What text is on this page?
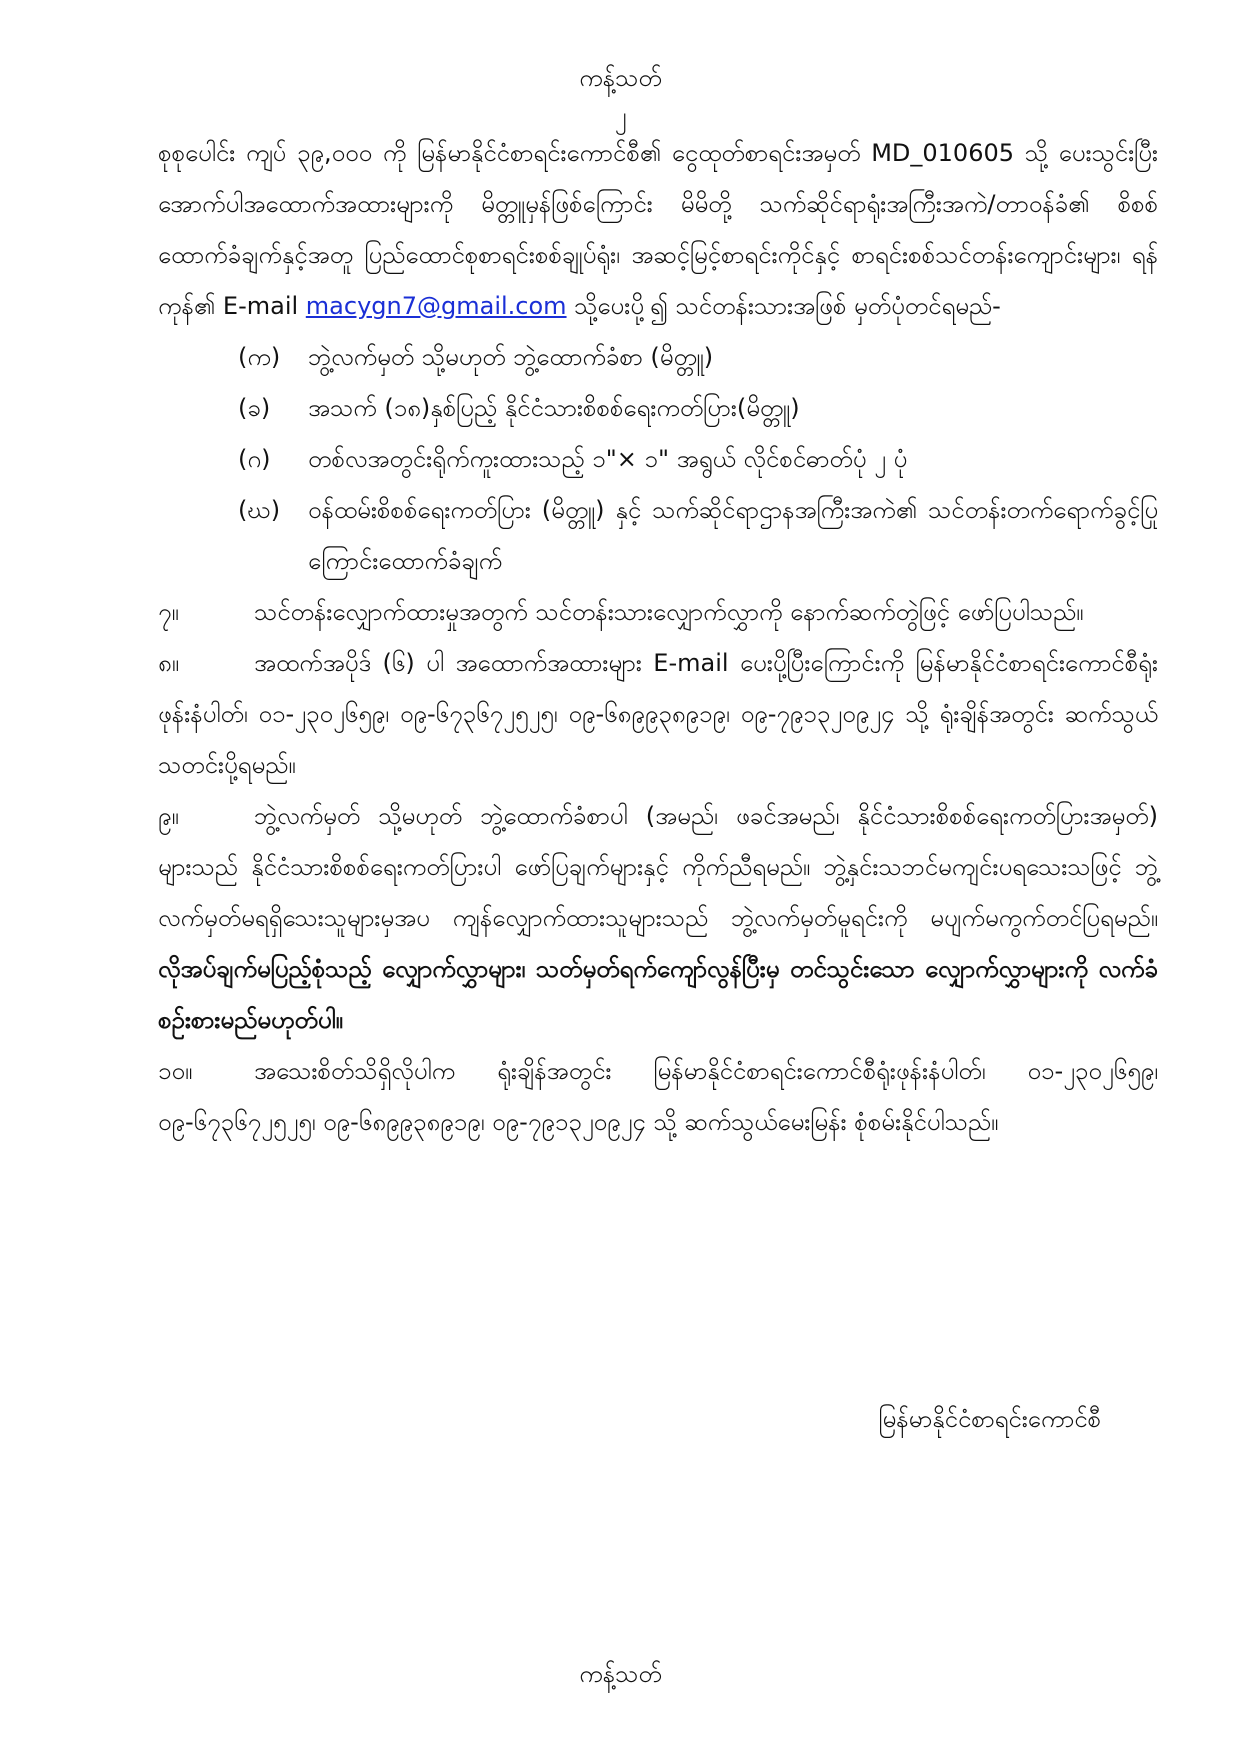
ကန့်သတ်
၂

စုစုပေါင်း ကျပ် ၃၉,၀၀၀ ကို မြန်မာနိုင်ငံစာရင်းကောင်စီ၏ ငွေထုတ်စာရင်းအမှတ် MD_010605 သို့ ပေးသွင်းပြီး အောက်ပါအထောက်အထားများကို မိတ္တူမှန်ဖြစ်ကြောင်း မိမိတို့ သက်ဆိုင်ရာရုံးအကြီးအကဲ/တာဝန်ခံ၏ စိစစ်ထောက်ခံချက်နှင့်အတူ ပြည်ထောင်စုစာရင်းစစ်ချုပ်ရုံး၊ အဆင့်မြင့်စာရင်းကိုင်နှင့် စာရင်းစစ်သင်တန်းကျောင်းများ၊ ရန်ကုန်၏ E-mail macygn7@gmail.com သို့ပေးပို့၍ သင်တန်းသားအဖြစ် မှတ်ပုံတင်ရမည်-

(က)	ဘွဲ့လက်မှတ် သို့မဟုတ် ဘွဲ့ထောက်ခံစာ (မိတ္တူ)
(ခ)	အသက် (၁၈)နှစ်ပြည့် နိုင်ငံသားစိစစ်ရေးကတ်ပြား(မိတ္တူ)
(ဂ)	တစ်လအတွင်းရိုက်ကူးထားသည့် ၁"× ၁" အရွယ် လိုင်စင်ဓာတ်ပုံ ၂ ပုံ
(ဃ)	ဝန်ထမ်းစိစစ်ရေးကတ်ပြား (မိတ္တူ) နှင့် သက်ဆိုင်ရာဌာနအကြီးအကဲ၏ သင်တန်းတက်ရောက်ခွင့်ပြုကြောင်းထောက်ခံချက်

၇။	သင်တန်းလျှောက်ထားမှုအတွက် သင်တန်းသားလျှောက်လွှာကို နောက်ဆက်တွဲဖြင့် ဖော်ပြပါသည်။

၈။	အထက်အပိုဒ် (၆) ပါ အထောက်အထားများ E-mail ပေးပို့ပြီးကြောင်းကို မြန်မာနိုင်ငံစာရင်းကောင်စီရုံး ဖုန်းနံပါတ်၊ ၀၁-၂၃၀၂၆၅၉၊ ၀၉-၆၇၃၆၇၂၅၂၅၊ ၀၉-၆၈၉၉၃၈၉၁၉၊ ၀၉-၇၉၁၃၂၀၉၂၄ သို့ ရုံးချိန်အတွင်း ဆက်သွယ်သတင်းပို့ရမည်။

၉။	ဘွဲ့လက်မှတ် သို့မဟုတ် ဘွဲ့ထောက်ခံစာပါ (အမည်၊ ဖခင်အမည်၊ နိုင်ငံသားစိစစ်ရေးကတ်ပြားအမှတ်) များသည် နိုင်ငံသားစိစစ်ရေးကတ်ပြားပါ ဖော်ပြချက်များနှင့် ကိုက်ညီရမည်။ ဘွဲ့နှင်းသဘင်မကျင်းပရသေးသဖြင့် ဘွဲ့လက်မှတ်မရရှိသေးသူများမှအပ ကျန်လျှောက်ထားသူများသည် ဘွဲ့လက်မှတ်မူရင်းကို မပျက်မကွက်တင်ပြရမည်။ လိုအပ်ချက်မပြည့်စုံသည့် လျှောက်လွှာများ၊ သတ်မှတ်ရက်ကျော်လွန်ပြီးမှ တင်သွင်းသော လျှောက်လွှာများကို လက်ခံစဉ်းစားမည်မဟုတ်ပါ။

၁၀။	အသေးစိတ်သိရှိလိုပါက ရုံးချိန်အတွင်း မြန်မာနိုင်ငံစာရင်းကောင်စီရုံးဖုန်းနံပါတ်၊ ၀၁-၂၃၀၂၆၅၉၊ ၀၉-၆၇၃၆၇၂၅၂၅၊ ၀၉-၆၈၉၉၃၈၉၁၉၊ ၀၉-၇၉၁၃၂၀၉၂၄ သို့ ဆက်သွယ်မေးမြန်း စုံစမ်းနိုင်ပါသည်။

မြန်မာနိုင်ငံစာရင်းကောင်စီ
ကန့်သတ်
